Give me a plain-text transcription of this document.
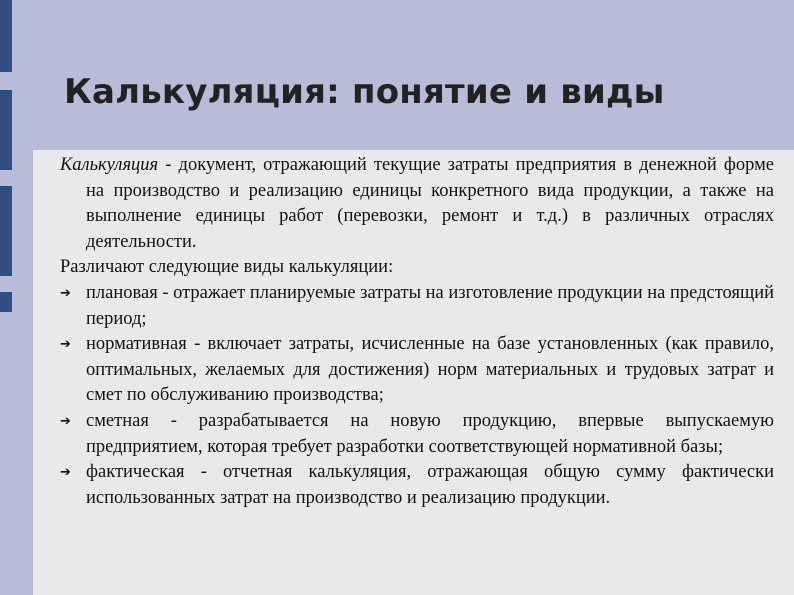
Калькуляция: понятие и виды

Калькуляция - документ, отражающий текущие затраты предприятия в денежной форме на производство и реализацию единицы конкретного вида продукции, а также на выполнение единицы работ (перевозки, ремонт и т.д.) в различных отраслях деятельности.

Различают следующие виды калькуляции:

➔ плановая - отражает планируемые затраты на изготовление продукции на предстоящий период;
➔ нормативная - включает затраты, исчисленные на базе установленных (как правило, оптимальных, желаемых для достижения) норм материальных и трудовых затрат и смет по обслуживанию производства;
➔ сметная - разрабатывается на новую продукцию, впервые выпускаемую предприятием, которая требует разработки соответствующей нормативной базы;
➔ фактическая - отчетная калькуляция, отражающая общую сумму фактически использованных затрат на производство и реализацию продукции.
